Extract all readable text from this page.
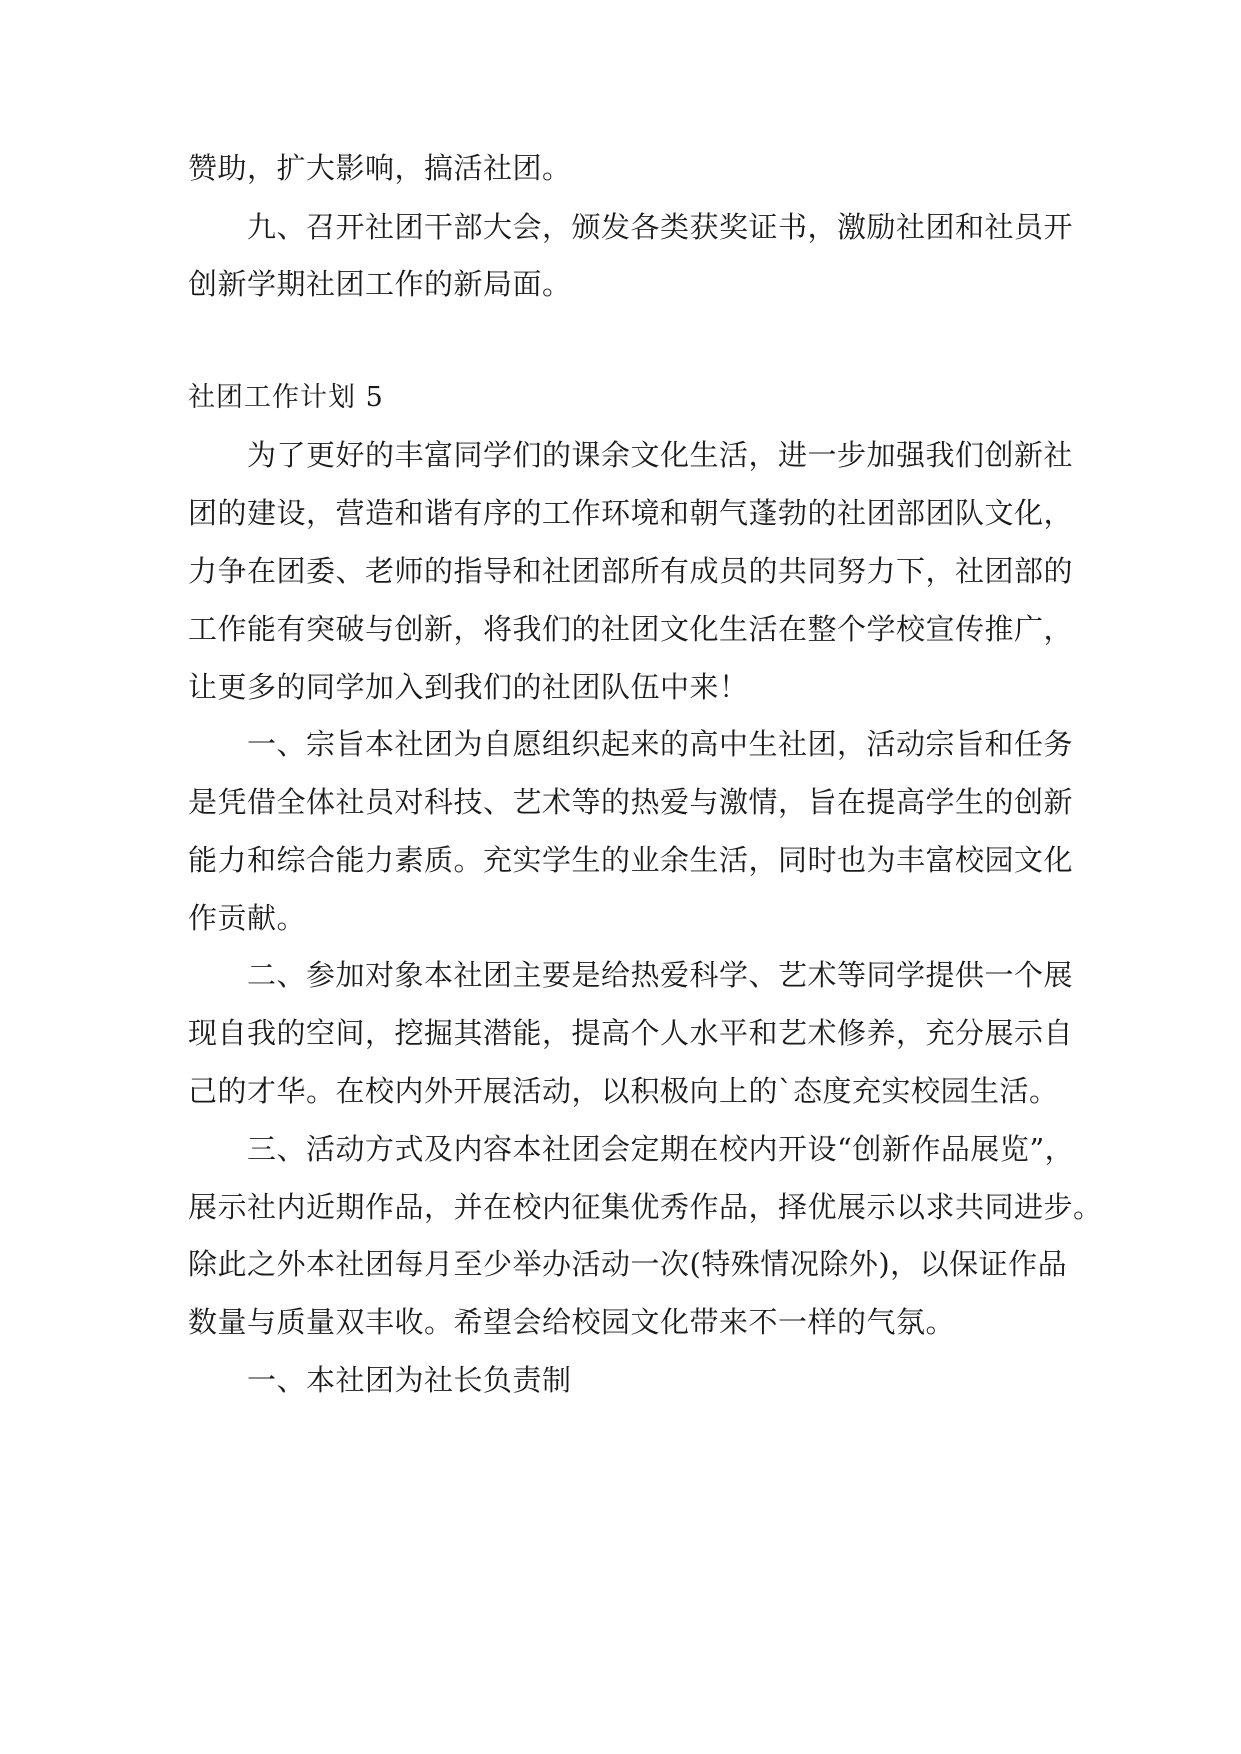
赞助，扩大影响，搞活社团。
九、召开社团干部大会，颁发各类获奖证书，激励社团和社员开
创新学期社团工作的新局面。
社团工作计划 5
为了更好的丰富同学们的课余文化生活，进一步加强我们创新社
团的建设，营造和谐有序的工作环境和朝气蓬勃的社团部团队文化，
力争在团委、老师的指导和社团部所有成员的共同努力下，社团部的
工作能有突破与创新，将我们的社团文化生活在整个学校宣传推广，
让更多的同学加入到我们的社团队伍中来！
一、宗旨本社团为自愿组织起来的高中生社团，活动宗旨和任务
是凭借全体社员对科技、艺术等的热爱与激情，旨在提高学生的创新
能力和综合能力素质。充实学生的业余生活，同时也为丰富校园文化
作贡献。
二、参加对象本社团主要是给热爱科学、艺术等同学提供一个展
现自我的空间，挖掘其潜能，提高个人水平和艺术修养，充分展示自
己的才华。在校内外开展活动，以积极向上的`态度充实校园生活。
三、活动方式及内容本社团会定期在校内开设“创新作品展览”，
展示社内近期作品，并在校内征集优秀作品，择优展示以求共同进步。
除此之外本社团每月至少举办活动一次(特殊情况除外)，以保证作品
数量与质量双丰收。希望会给校园文化带来不一样的气氛。
一、本社团为社长负责制
